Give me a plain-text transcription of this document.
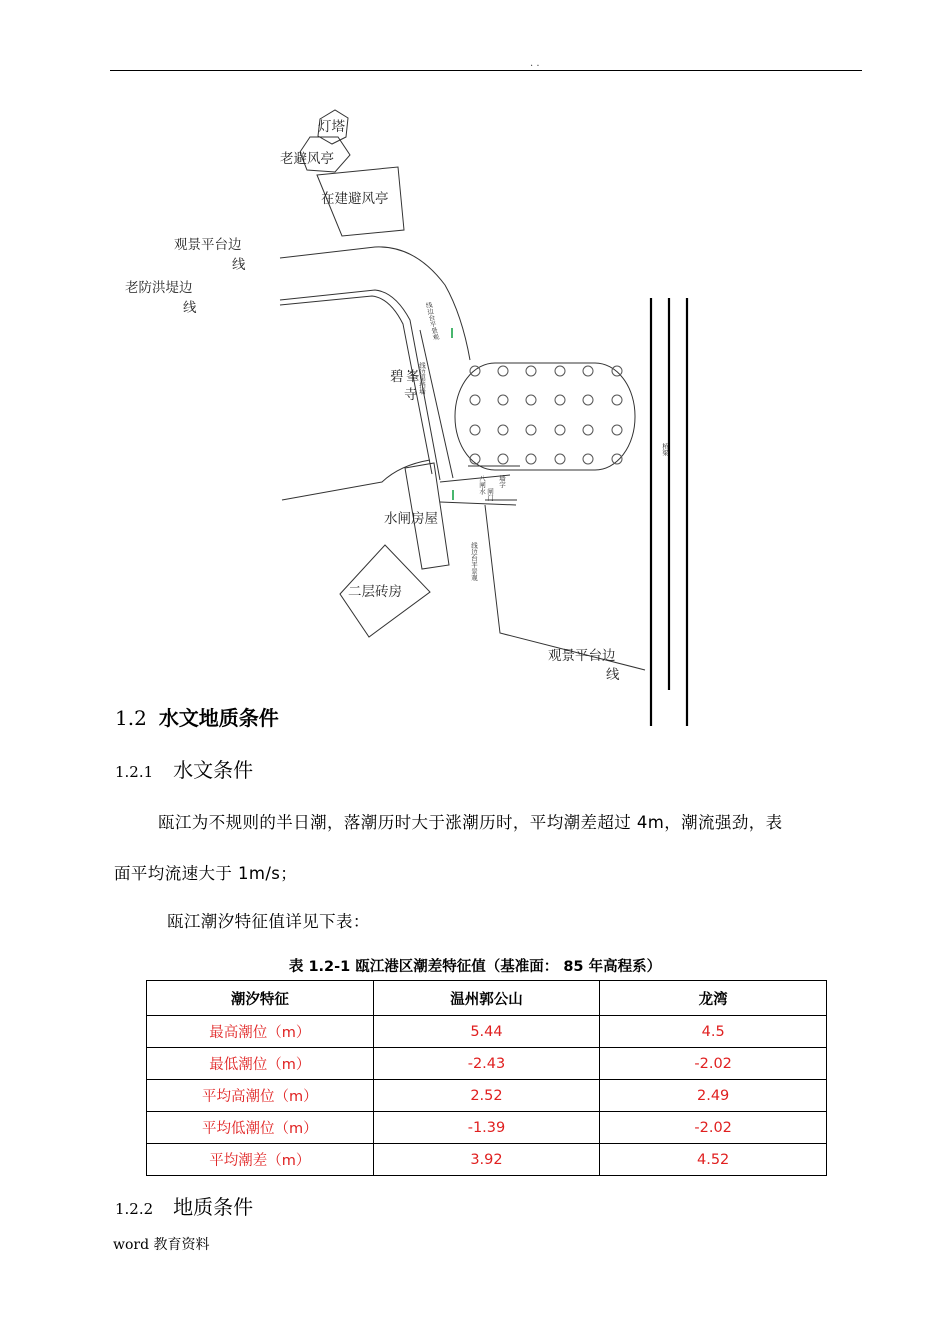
. .
灯塔
老避风亭
在建避风亭
观景平台边
线
老防洪堤边
线
碧 峯
寺
水闸房屋
二层砖房
观景平台边
线
线边台平景观
线边渠挡墙
八闸水 墙字
闸门
线边台平景观
桥梁
1.2 水文地质条件
1.2.1 水文条件
瓯江为不规则的半日潮，落潮历时大于涨潮历时，平均潮差超过 4m，潮流强劲，表
面平均流速大于 1m/s；
瓯江潮汐特征值详见下表：
表 1.2-1 瓯江港区潮差特征值（基准面： 85 年高程系）
潮汐特征	温州郭公山	龙湾
最高潮位（m）	5.44	4.5
最低潮位（m）	-2.43	-2.02
平均高潮位（m）	2.52	2.49
平均低潮位（m）	-1.39	-2.02
平均潮差（m）	3.92	4.52
1.2.2 地质条件
word 教育资料
